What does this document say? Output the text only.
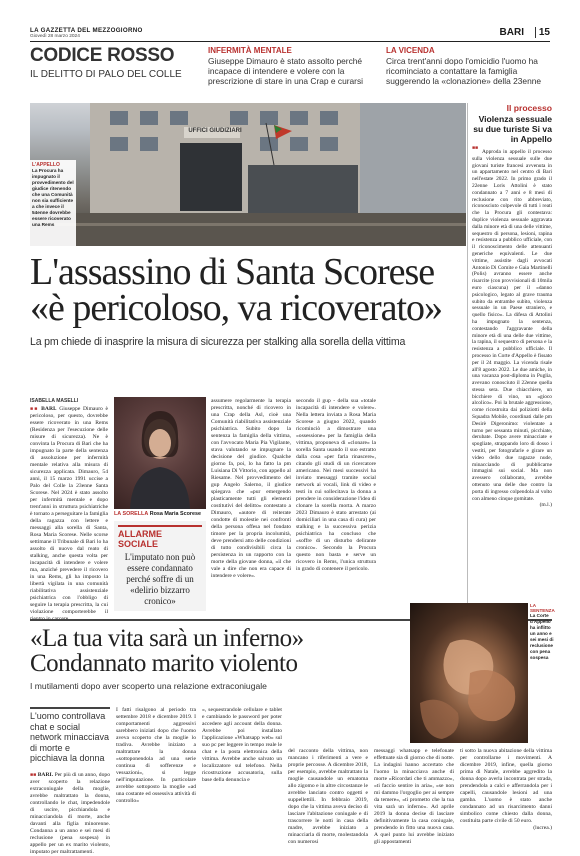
LA GAZZETTA DEL MEZZOGIORNO
Giovedì 28 marzo 2024	BARI	15
CODICE ROSSO
IL DELITTO DI PALO DEL COLLE
INFERMITÀ MENTALE
Giuseppe Dimauro è stato assolto perché incapace di intendere e volere con la prescrizione di stare in una Crap e curarsi
LA VICENDA
Circa trent'anni dopo l'omicidio l'uomo ha ricominciato a contattare la famiglia suggerendo la «clonazione» della 23enne
UFFICI GIUDIZIARI
L'APPELLO
La Procura ha impugnato il provvedimento del giudice ritenendo che una Comunità non sia sufficiente a che invece il 54enne dovrebbe essere ricoverato una Rems
Il processo
Violenza sessuale su due turiste Si va in Appello
■■
Approda in appello il processo sulla violenza sessuale sulle due giovani turiste francesi avvenuta in un appartamento nel centro di Bari nell'estate 2022. In primo grado il 22enne Loris Attolini è stato condannato a 7 anni e 8 mesi di reclusione con rito abbreviato, riconosciuto colpevole di tutti i reati che la Procura gli contestava: duplice violenza sessuale aggravata dalla minore età di una delle vittime, sequestro di persona, lesioni, rapina e resistenza a pubblico ufficiale, con il riconoscimento delle attenuanti generiche equivalenti. Le due vittime, assistite dagli avvocati Antonio Di Comite e Gaia Martinelli (Polis) avranno essere anche risarcite (con provvisionali di 10mila euro ciascuna) per il «danno psicologico, legato al grave trauma subito da entrambe subìto, violenza sessuale in un Paese straniero, e quello fisico». La difesa di Attolini ha impugnato la sentenza, contestando l'aggravante della minore età di una delle due vittime, la rapina, il sequestro di persona e la resistenza a pubblico ufficiale. Il processo in Corte d'Appello è fissato per il 24 maggio. La vicenda risale all'8 agosto 2022. Le due amiche, in una vacanza post-diploma in Puglia, avevano conosciuto il 22enne quella stessa sera. Due chiacchiere, un bicchiere di vino, un «gioco alcolico». Poi la brutale aggressione, come ricostruita dai poliziotti della Squadra Mobile, coordinati dalle pm Desirè Digeronimo: violentate a turno per sessanta minuti, picchiate, derubate. Dopo avere minacciate e spogliate, strappando loro di dosso i vestiti, per fotografarle e girare un video dello due ragazze nude, minacciando di pubblicarne immagini sui social. Ma non avessero collaborato, avrebbe ottenuto una delle due contro la porta di ingresso colpendola al volto con almeno cinque gomitate.
(m.l.)
L'assassino di Santa Scorese
«è pericoloso, va ricoverato»
La pm chiede di inasprire la misura di sicurezza per stalking alla sorella della vittima
ISABELLA MASELLI
■■ BARI. Giuseppe Dimauro è pericoloso, per questo, dovrebbe essere ricoverato in una Rems (Residenza per l'esecuzione delle misure di sicurezza). Ne è convinta la Procura di Bari che ha impugnato la parte della sentenza di assoluzione per infermità mentale relativa alla misura di sicurezza applicata. Dimauro, 54 anni, il 15 marzo 1991 uccise a Palo del Colle la 23enne Santa Scorese. Nel 2024 è stato assolto per infermità mentale e dopo trent'anni in struttura psichiatriche è tornato a perseguitare la famiglia della ragazza con lettere e messaggi alla sorella di Santa, Rosa Maria Scorese. Nelle scorse settimane il Tribunale di Bari lo ha assolto di nuovo dal reato di stalking, anche questa volta per incapacità di intendere e volere ma, anziché prevedere il ricovero in una Rems, gli ha imposto la libertà vigilata in una comunità riabilitativa assistenziale psichiatrica con l'obbligo di seguire la terapia prescritta, la cui violazione comporterebbe il
LA SORELLA Rosa Maria Scorese
ALLARME SOCIALE
L'imputato non può essere condannato perché soffre di un «delirio bizzarro cronico»
assumere regolarmente la terapia prescritta, nonché di ricovero in una Crap della Asl, cioè una Comunità riabilitativa assistenziale psichiatrica. Subito dopo la sentenza la famiglia della vittima, con l'avvocato Maria Pia Vigilante, stava valutando se impugnare la decisione del giudice. Qualche giorno fa, poi, lo ha fatto la pm Luisiana Di Vittorio, con appello al Riesame. Nel provvedimento del gup Angelo Salerno, il giudice spiegava che «pur emergendo plasticamente tutti gli elementi costitutivi del delitto» contestato a Dimauro, «autore di reiterate condotte di molestie nei confronti della persona offesa nel fondato timore per la propria incolumità, deve prendersi atto delle condizioni di tutto condivisibili circa la persistenza in un rapporto con la morte della giovane donna, «il che vale a dire che non era capace di intendere e volere».
secondo il gup - della sua «totale incapacità di intendere e volere». Nella lettera inviata a Rosa Maria Scorese a giugno 2022, quando ricominciò a dimostrare una «ossessione» per la famiglia della vittima, proponeva di «clonare» la sorella Santa usando il suo estratto dalla cosa «per farla rinascere», citando gli studi di un ricercatore americano. Nei mesi successivi ha inviato messaggi tramite social network ai vocali, link di video e testi in cui sollecitava la donna a prendere in considerazione l'idea di clonare la sorella morta. A marzo 2023 Dimauro è stato arrestato (ai domiciliari in una casa di cura) per stalking e la successiva perizia psichiatrica ha concluso che «soffre di un disturbo delirante cronico». Secondo la Procura questo non basta e serve un ricovero in Rems, l'unica struttura in grado di contenere il pericolo.
«La tua vita sarà un inferno»
Condannato marito violento
I mutilamenti dopo aver scoperto una relazione extraconiugale
LA SENTENZA
La Corte d'Appello ha inflitto un anno e sei mesi di reclusione con pena sospesa
L'uomo controllava chat e social network minacciava di morte e picchiava la donna
■■ BARI. Per più di un anno, dopo aver scoperto la relazione extraconiugale della moglie, avrebbe maltrattato la donna, controllando le chat, impedendole di uscire, picchiandola e minacciandola di morte, anche davanti alla figlia minorenne. Condanna a un anno e sei mesi di reclusione (pena sospesa) in appello per un ex marito violento, imputato per maltrattamenti.
I fatti risalgono al periodo tra settembre 2018 e dicembre 2019. I comportamenti aggressivi sarebbero iniziati dopo che l'uomo aveva scoperto che la moglie lo tradiva. Avrebbe iniziato a maltrattare la donna «sottoponendola ad una serie continua di sofferenze e vessazioni», si legge nell'imputazione. In particolare avrebbe sottoposto la moglie «ad una costante ed ossessiva attività di controllo»
«, sequestrandole cellulare e tablet e cambiando le password per poter accedere agli account della donna. Avrebbe poi installato l'applicazione «Whatsapp web» sul suo pc per leggere in tempo reale le chat e la posta elettronica della vittima. Avrebbe anche salvato un localizzatore sul telefono. Nella ricostruzione accusatoria, sulla base della denuncia e
del racconto della vittima, non mancano i riferimenti a vere e proprie percosse. A dicembre 2018, per esempio, avrebbe maltrattato la moglie causandole un ematoma allo zigomo e in altre circostanze le avrebbe lanciato contro oggetti e suppellettili. In febbraio 2019, dopo che la vittima aveva deciso di lasciare l'abitazione coniugale e di trascorrere le notti in casa della madre, avrebbe iniziato a minacciarla di morte, molestandola con numerosi
messaggi whatsapp e telefonate effettuate sia di giorno che di notte. La indagini hanno accertato che l'uomo la minacciava anche di morte «Ricordati che ti ammazzo», «ti faccio sentire in aria», «se non mi dammo l'orgoglio per ai sempre da temere», «ti prometto che la tua vita sarà un inferno». Ad aprile 2019 la donna decise di lasciare definitivamente la casa coniugale, prendendo in fitto una nuova casa. A quel punto lui avrebbe iniziato gli appostamenti
ti sotto la nuova abitazione della vittima per controllarne i movimenti. A dicembre 2019, infine, quella giorno prima di Natale, avrebbe aggredito la donna dopo averla incontrata per strada, prendendola a calci e afferrandola per i capelli, causandole lesioni ad una gamba. L'uomo è stato anche condannato ad un risarcimento danni simbolico come chiesto dalla donna, costituita parte civile di 50 euro.
(lucrea.)
